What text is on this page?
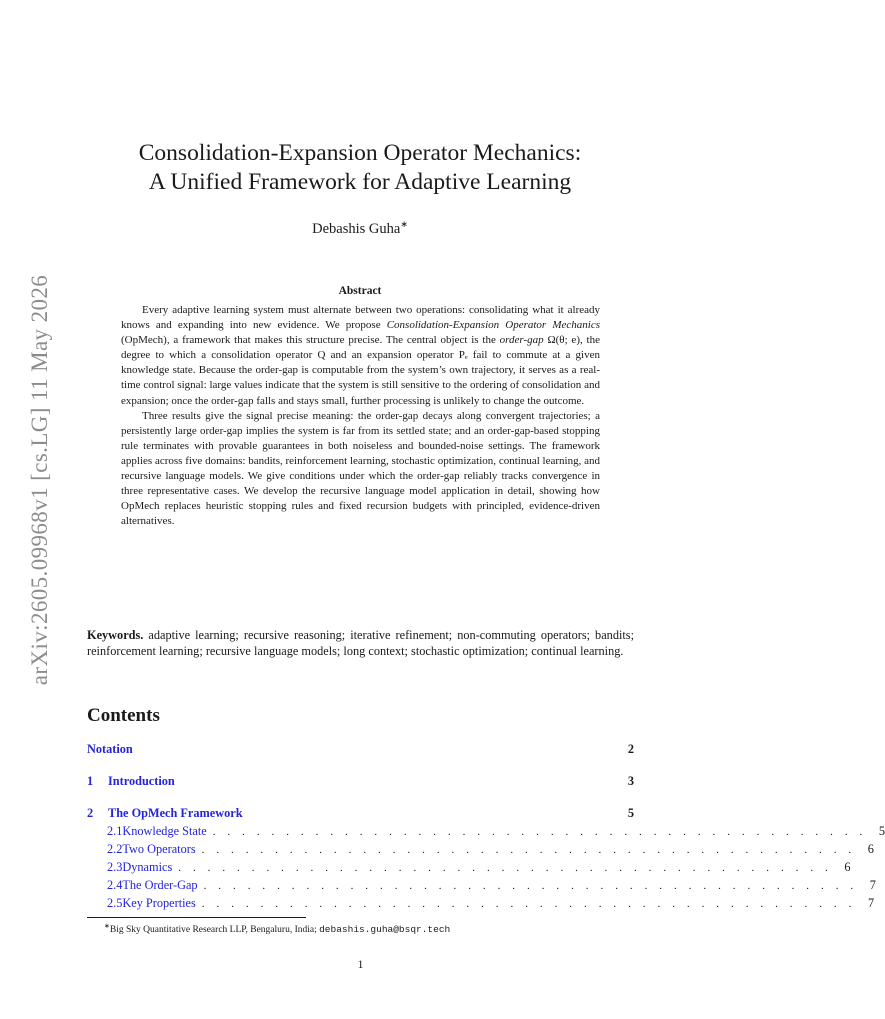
arXiv:2605.09968v1 [cs.LG] 11 May 2026
Consolidation-Expansion Operator Mechanics:
A Unified Framework for Adaptive Learning
Debashis Guha∗
Abstract

Every adaptive learning system must alternate between two operations: consolidating what it already knows and expanding into new evidence. We propose Consolidation-Expansion Operator Mechanics (OpMech), a framework that makes this structure precise. The central object is the order-gap Ω(θ; e), the degree to which a consolidation operator Q and an expansion operator Pₑ fail to commute at a given knowledge state. Because the order-gap is computable from the system’s own trajectory, it serves as a real-time control signal: large values indicate that the system is still sensitive to the ordering of consolidation and expansion; once the order-gap falls and stays small, further processing is unlikely to change the outcome.

Three results give the signal precise meaning: the order-gap decays along convergent trajectories; a persistently large order-gap implies the system is far from its settled state; and an order-gap-based stopping rule terminates with provable guarantees in both noiseless and bounded-noise settings. The framework applies across five domains: bandits, reinforcement learning, stochastic optimization, continual learning, and recursive language models. We give conditions under which the order-gap reliably tracks convergence in three representative cases. We develop the recursive language model application in detail, showing how OpMech replaces heuristic stopping rules and fixed recursion budgets with principled, evidence-driven alternatives.

Keywords. adaptive learning; recursive reasoning; iterative refinement; non-commuting operators; bandits; reinforcement learning; recursive language models; long context; stochastic optimization; continual learning.
Contents
Notation	2
1 Introduction	3
2 The OpMech Framework	5
2.1 Knowledge State . . . . . . . . . . . . . . . . . . . . . . . . . . . . . . . . . . . . . . . . . . . . . 5
2.2 Two Operators . . . . . . . . . . . . . . . . . . . . . . . . . . . . . . . . . . . . . . . . . . . . . 6
2.3 Dynamics . . . . . . . . . . . . . . . . . . . . . . . . . . . . . . . . . . . . . . . . . . . . . 6
2.4 The Order-Gap . . . . . . . . . . . . . . . . . . . . . . . . . . . . . . . . . . . . . . . . . . . . . 7
2.5 Key Properties . . . . . . . . . . . . . . . . . . . . . . . . . . . . . . . . . . . . . . . . . . . . . 7
∗Big Sky Quantitative Research LLP, Bengaluru, India; debashis.guha@bsqr.tech
1
